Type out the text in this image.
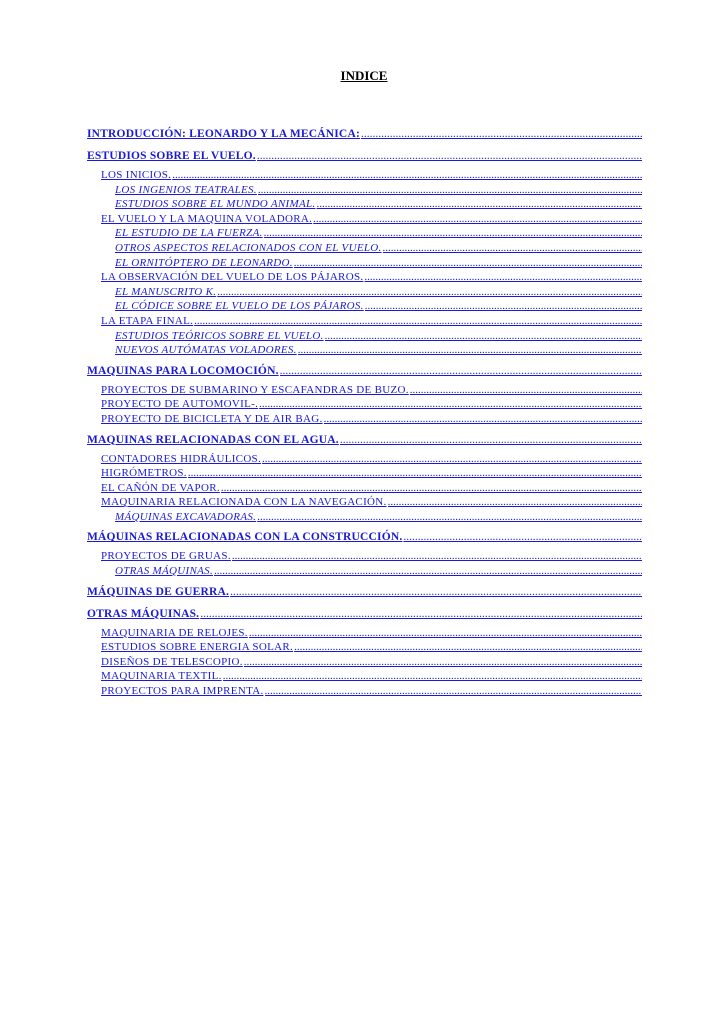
INDICE
INTRODUCCIÓN: LEONARDO Y LA MECÁNICA:
.....
ESTUDIOS SOBRE EL VUELO.
.....
LOS INICIOS.
.....
LOS INGENIOS TEATRALES.
.....
ESTUDIOS SOBRE EL MUNDO ANIMAL.
.....
EL VUELO Y LA MAQUINA VOLADORA.
.....
EL ESTUDIO DE LA FUERZA.
.....
OTROS ASPECTOS RELACIONADOS CON EL VUELO.
.....
EL ORNITÓPTERO DE LEONARDO.
.....
LA OBSERVACIÓN DEL VUELO DE LOS PÁJAROS.
.....
EL MANUSCRITO K.
.....
EL CÓDICE SOBRE EL VUELO DE LOS PÁJAROS.
.....
LA ETAPA FINAL.
.....
ESTUDIOS TEÓRICOS SOBRE EL VUELO.
.....
NUEVOS AUTÓMATAS VOLADORES.
.....
MAQUINAS PARA LOCOMOCIÓN.
.....
PROYECTOS DE SUBMARINO Y ESCAFANDRAS DE BUZO.
.....
PROYECTO DE AUTOMOVIL-.
.....
PROYECTO DE BICICLETA Y DE AIR BAG.
.....
MAQUINAS RELACIONADAS CON EL AGUA.
.....
CONTADORES HIDRÁULICOS.
.....
HIGRÓMETROS.
.....
EL CAÑÓN DE VAPOR.
.....
MAQUINARIA RELACIONADA CON LA NAVEGACIÓN.
.....
MÁQUINAS EXCAVADORAS.
.....
MÁQUINAS RELACIONADAS CON LA CONSTRUCCIÓN.
.....
PROYECTOS DE GRUAS.
.....
OTRAS MÁQUINAS.
.....
MÁQUINAS DE GUERRA.
.....
OTRAS MÁQUINAS.
.....
MAQUINARIA DE RELOJES.
.....
ESTUDIOS SOBRE ENERGIA SOLAR.
.....
DISEÑOS DE TELESCOPIO.
.....
MAQUINARIA TEXTIL.
.....
PROYECTOS PARA IMPRENTA.
.....
